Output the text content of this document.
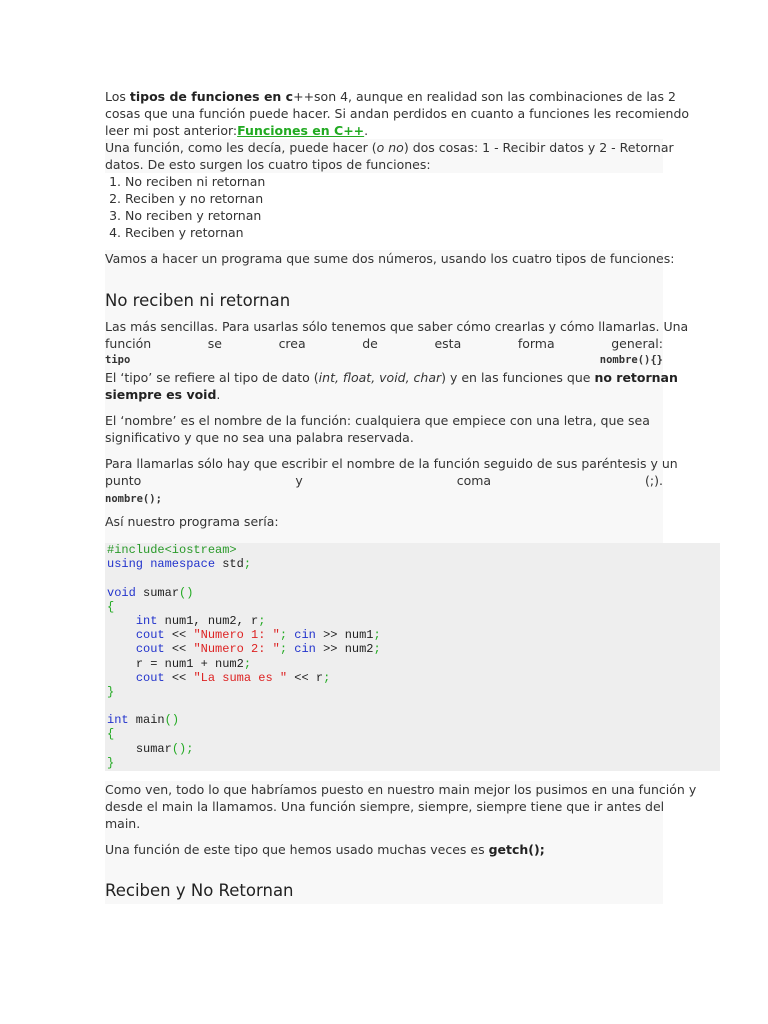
Los tipos de funciones en c++ son 4, aunque en realidad son las combinaciones de las 2
cosas que una función puede hacer. Si andan perdidos en cuanto a funciones les recomiendo
leer mi post anterior:Funciones en C++.
Una función, como les decía, puede hacer (o no) dos cosas: 1 - Recibir datos y 2 - Retornar
datos. De esto surgen los cuatro tipos de funciones:
1. No reciben ni retornan
2. Reciben y no retornan
3. No reciben y retornan
4. Reciben y retornan
Vamos a hacer un programa que sume dos números, usando los cuatro tipos de funciones:
No reciben ni retornan
Las más sencillas. Para usarlas sólo tenemos que saber cómo crearlas y cómo llamarlas. Una
función	se	crea	de	esta	forma	general:
tipo	nombre(){}
El ‘tipo’ se refiere al tipo de dato (int, float, void, char) y en las funciones que no retornan
siempre es void.
El ‘nombre’ es el nombre de la función: cualquiera que empiece con una letra, que sea
significativo y que no sea una palabra reservada.
Para llamarlas sólo hay que escribir el nombre de la función seguido de sus paréntesis y un
punto	y	coma	(;).
nombre();
Así nuestro programa sería:
#include<iostream>
using namespace std;

void sumar()
{
int num1, num2, r;
cout << "Numero 1: "; cin >> num1;
cout << "Numero 2: "; cin >> num2;
r = num1 + num2;
cout << "La suma es " << r;
}

int main()
{
sumar();
}
Como ven, todo lo que habríamos puesto en nuestro main mejor los pusimos en una función y
desde el main la llamamos. Una función siempre, siempre, siempre tiene que ir antes del
main.
Una función de este tipo que hemos usado muchas veces es getch();
Reciben y No Retornan
